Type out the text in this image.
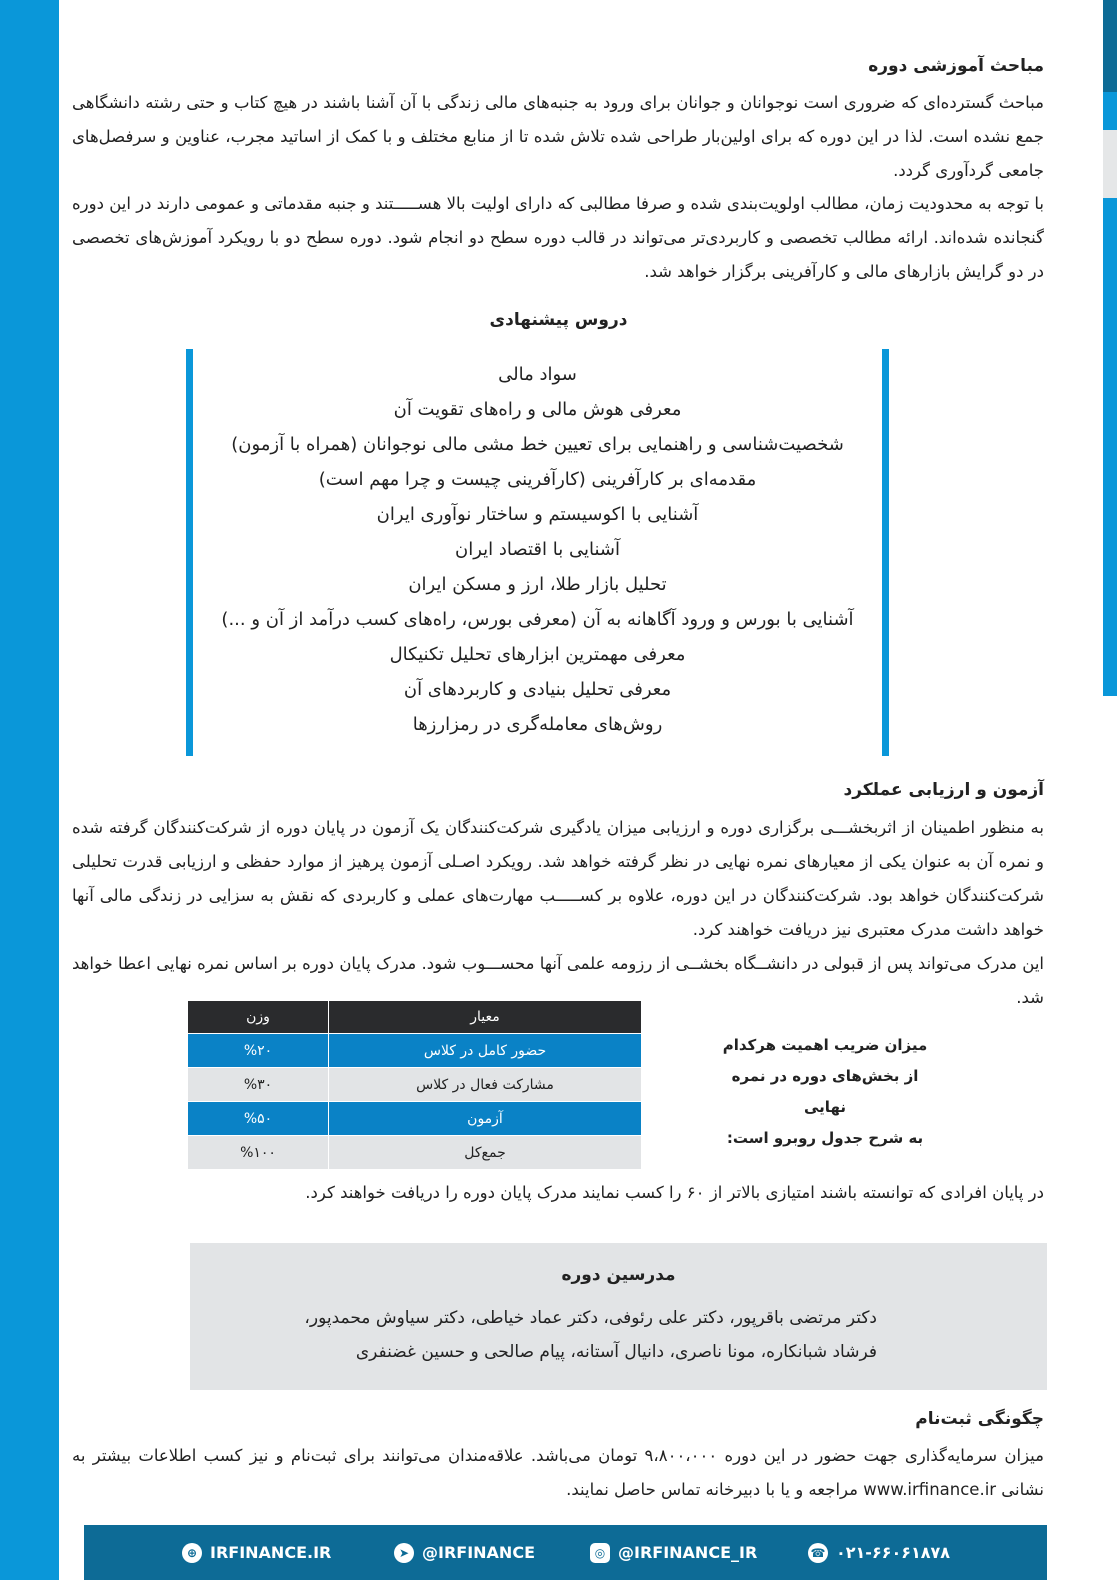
مباحث آموزشی دوره
مباحث گسترده‌ای که ضروری است نوجوانان و جوانان برای ورود به جنبه‌های مالی زندگی با آن آشنا باشند در هیچ کتاب و حتی رشته دانشگاهی جمع نشده است. لذا در این دوره که برای اولین‌بار طراحی شده تلاش شده تا از منابع مختلف و با کمک از اساتید مجرب، عناوین و سرفصل‌های جامعی گردآوری گردد.
با توجه به محدودیت زمان، مطالب اولویت‌بندی شده و صرفا مطالبی که دارای اولیت بالا هســـــتند و جنبه مقدماتی و عمومی دارند در این دوره گنجانده شده‌اند. ارائه مطالب تخصصی و کاربردی‌تر می‌تواند در قالب دوره سطح دو انجام شود. دوره سطح دو با رویکرد آموزش‌های تخصصی در دو گرایش بازارهای مالی و کارآفرینی برگزار خواهد شد.
دروس پیشنهادی
سواد مالی
معرفی هوش مالی و راه‌های تقویت آن
شخصیت‌شناسی و راهنمایی برای تعیین خط مشی مالی نوجوانان (همراه با آزمون)
مقدمه‌ای بر کارآفرینی (کارآفرینی چیست و چرا مهم است)
آشنایی با اکوسیستم و ساختار نوآوری ایران
آشنایی با اقتصاد ایران
تحلیل بازار طلا، ارز و مسکن ایران
آشنایی با بورس و ورود آگاهانه به آن (معرفی بورس، راه‌های کسب درآمد از آن و ...)
معرفی مهمترین ابزارهای تحلیل تکنیکال
معرفی تحلیل بنیادی و کاربردهای آن
روش‌های معامله‌گری در رمزارزها
آزمون و ارزیابی عملکرد
به منظور اطمینان از اثربخشـــی برگزاری دوره و ارزیابی میزان یادگیری شرکت‌کنندگان یک آزمون در پایان دوره از شرکت‌کنندگان گرفته شده و نمره آن به عنوان یکی از معیارهای نمره نهایی در نظر گرفته خواهد شد. رویکرد اصـلی آزمون پرهیز از موارد حفظی و ارزیابی قدرت تحلیلی شرکت‌کنندگان خواهد بود. شرکت‌کنندگان در این دوره، علاوه بر کســـــب مهارت‌های عملی و کاربردی که نقش به سزایی در زندگی مالی آنها خواهد داشت مدرک معتبری نیز دریافت خواهند کرد.
این مدرک می‌تواند پس از قبولی در دانشــگاه بخشــی از رزومه علمی آنها محســـوب شود. مدرک پایان دوره بر اساس نمره نهایی اعطا خواهد شد.
معیار	وزن
حضور کامل در کلاس	%۲۰
مشارکت فعال در کلاس	%۳۰
آزمون	%۵۰
جمع‌کل	%۱۰۰
میزان ضریب اهمیت هرکدام
از بخش‌های دوره در نمره نهایی
به شرح جدول روبرو است:
در پایان افرادی که توانسته باشند امتیازی بالاتر از ۶۰ را کسب نمایند مدرک پایان دوره را دریافت خواهند کرد.
مدرسین دوره
دکتر مرتضی باقرپور، دکتر علی رئوفی، دکتر عماد خیاطی، دکتر سیاوش محمدپور،
فرشاد شبانکاره، مونا ناصری، دانیال آستانه، پیام صالحی و حسین غضنفری
چگونگی ثبت‌نام
میزان سرمایه‌گذاری جهت حضور در این دوره ۹،۸۰۰،۰۰۰ تومان می‌باشد. علاقه‌مندان می‌توانند برای ثبت‌نام و نیز کسب اطلاعات بیشتر به نشانی www.irfinance.ir مراجعه و یا با دبیرخانه تماس حاصل نمایند.
⊕ IRFINANCE.IR	➤ @IRFINANCE	◎ @IRFINANCE_IR	☎ ۰۲۱-۶۶۰۶۱۸۷۸
